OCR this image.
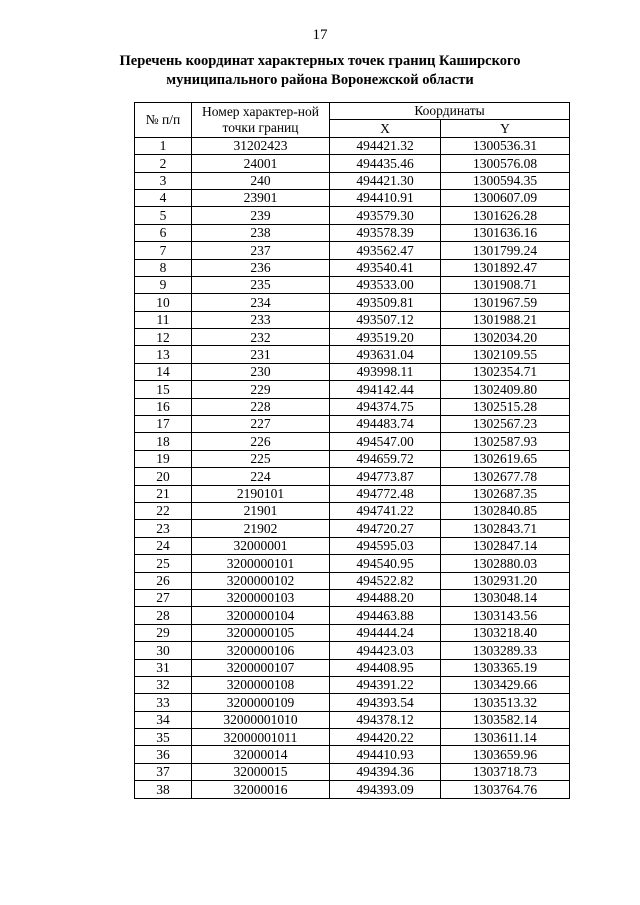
17
Перечень координат характерных точек границ Каширского
муниципального района Воронежской области
№ п/п	Номер характер-ной точки границ	Координаты	
		X	Y
1	31202423	494421.32	1300536.31
2	24001	494435.46	1300576.08
3	240	494421.30	1300594.35
4	23901	494410.91	1300607.09
5	239	493579.30	1301626.28
6	238	493578.39	1301636.16
7	237	493562.47	1301799.24
8	236	493540.41	1301892.47
9	235	493533.00	1301908.71
10	234	493509.81	1301967.59
11	233	493507.12	1301988.21
12	232	493519.20	1302034.20
13	231	493631.04	1302109.55
14	230	493998.11	1302354.71
15	229	494142.44	1302409.80
16	228	494374.75	1302515.28
17	227	494483.74	1302567.23
18	226	494547.00	1302587.93
19	225	494659.72	1302619.65
20	224	494773.87	1302677.78
21	2190101	494772.48	1302687.35
22	21901	494741.22	1302840.85
23	21902	494720.27	1302843.71
24	32000001	494595.03	1302847.14
25	3200000101	494540.95	1302880.03
26	3200000102	494522.82	1302931.20
27	3200000103	494488.20	1303048.14
28	3200000104	494463.88	1303143.56
29	3200000105	494444.24	1303218.40
30	3200000106	494423.03	1303289.33
31	3200000107	494408.95	1303365.19
32	3200000108	494391.22	1303429.66
33	3200000109	494393.54	1303513.32
34	32000001010	494378.12	1303582.14
35	32000001011	494420.22	1303611.14
36	32000014	494410.93	1303659.96
37	32000015	494394.36	1303718.73
38	32000016	494393.09	1303764.76
